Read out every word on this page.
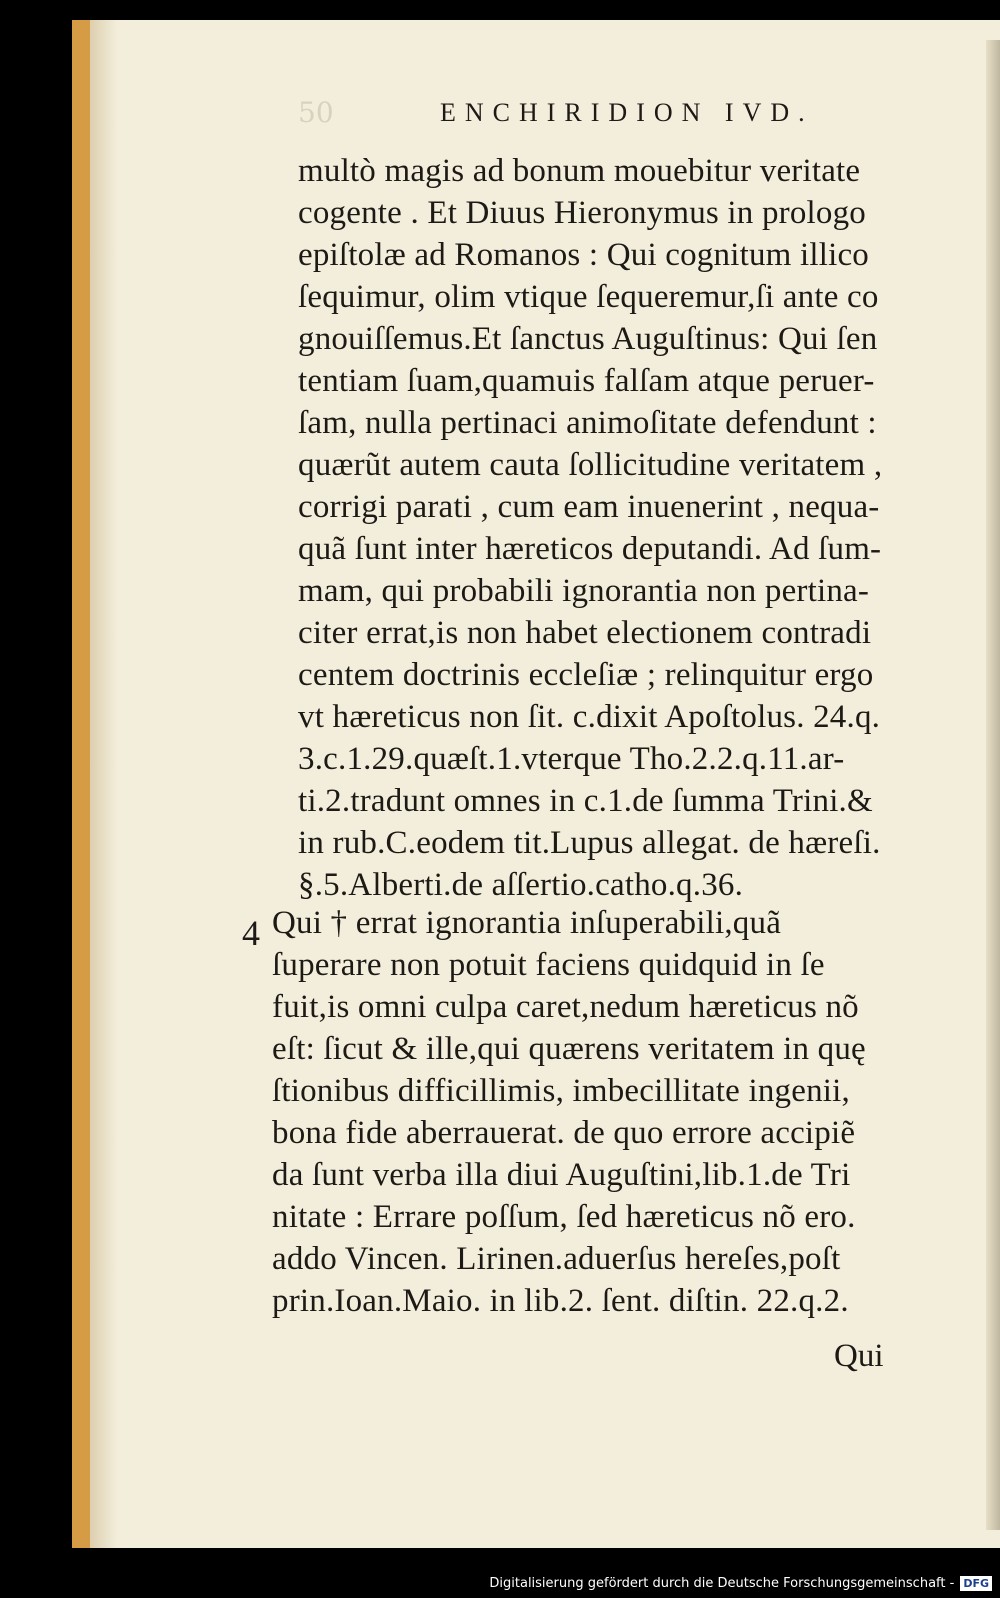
50	ENCHIRIDION IVD.
multò magis ad bonum mouebitur veritate
cogente . Et Diuus Hieronymus in prologo
epiſtolæ ad Romanos : Qui cognitum illico
ſequimur, olim vtique ſequeremur,ſi ante co
gnouiſſemus.Et ſanctus Auguſtinus: Qui ſen
tentiam ſuam,quamuis falſam atque peruer-
ſam, nulla pertinaci animoſitate defendunt :
quærũt autem cauta ſollicitudine veritatem ,
corrigi parati , cum eam inuenerint , nequa-
quã ſunt inter hæreticos deputandi. Ad ſum-
mam, qui probabili ignorantia non pertina-
citer errat,is non habet electionem contradi
centem doctrinis eccleſiæ ; relinquitur ergo
vt hæreticus non ſit. c.dixit Apoſtolus. 24.q.
3.c.1.29.quæſt.1.vterque Tho.2.2.q.11.ar-
ti.2.tradunt omnes in c.1.de ſumma Trini.&
in rub.C.eodem tit.Lupus allegat. de hæreſi.
§.5.Alberti.de aſſertio.catho.q.36.
4 Qui † errat ignorantia inſuperabili,quã
ſuperare non potuit faciens quidquid in ſe
fuit,is omni culpa caret,nedum hæreticus nõ
eſt: ſicut & ille,qui quærens veritatem in quę
ſtionibus difficillimis, imbecillitate ingenii,
bona fide aberrauerat. de quo errore accipiẽ
da ſunt verba illa diui Auguſtini,lib.1.de Tri
nitate : Errare poſſum, ſed hæreticus nõ ero.
addo Vincen. Lirinen.aduerſus hereſes,poſt
prin.Ioan.Maio. in lib.2. ſent. diſtin. 22.q.2.
Qui
Digitalisierung gefördert durch die Deutsche Forschungsgemeinschaft - DFG
